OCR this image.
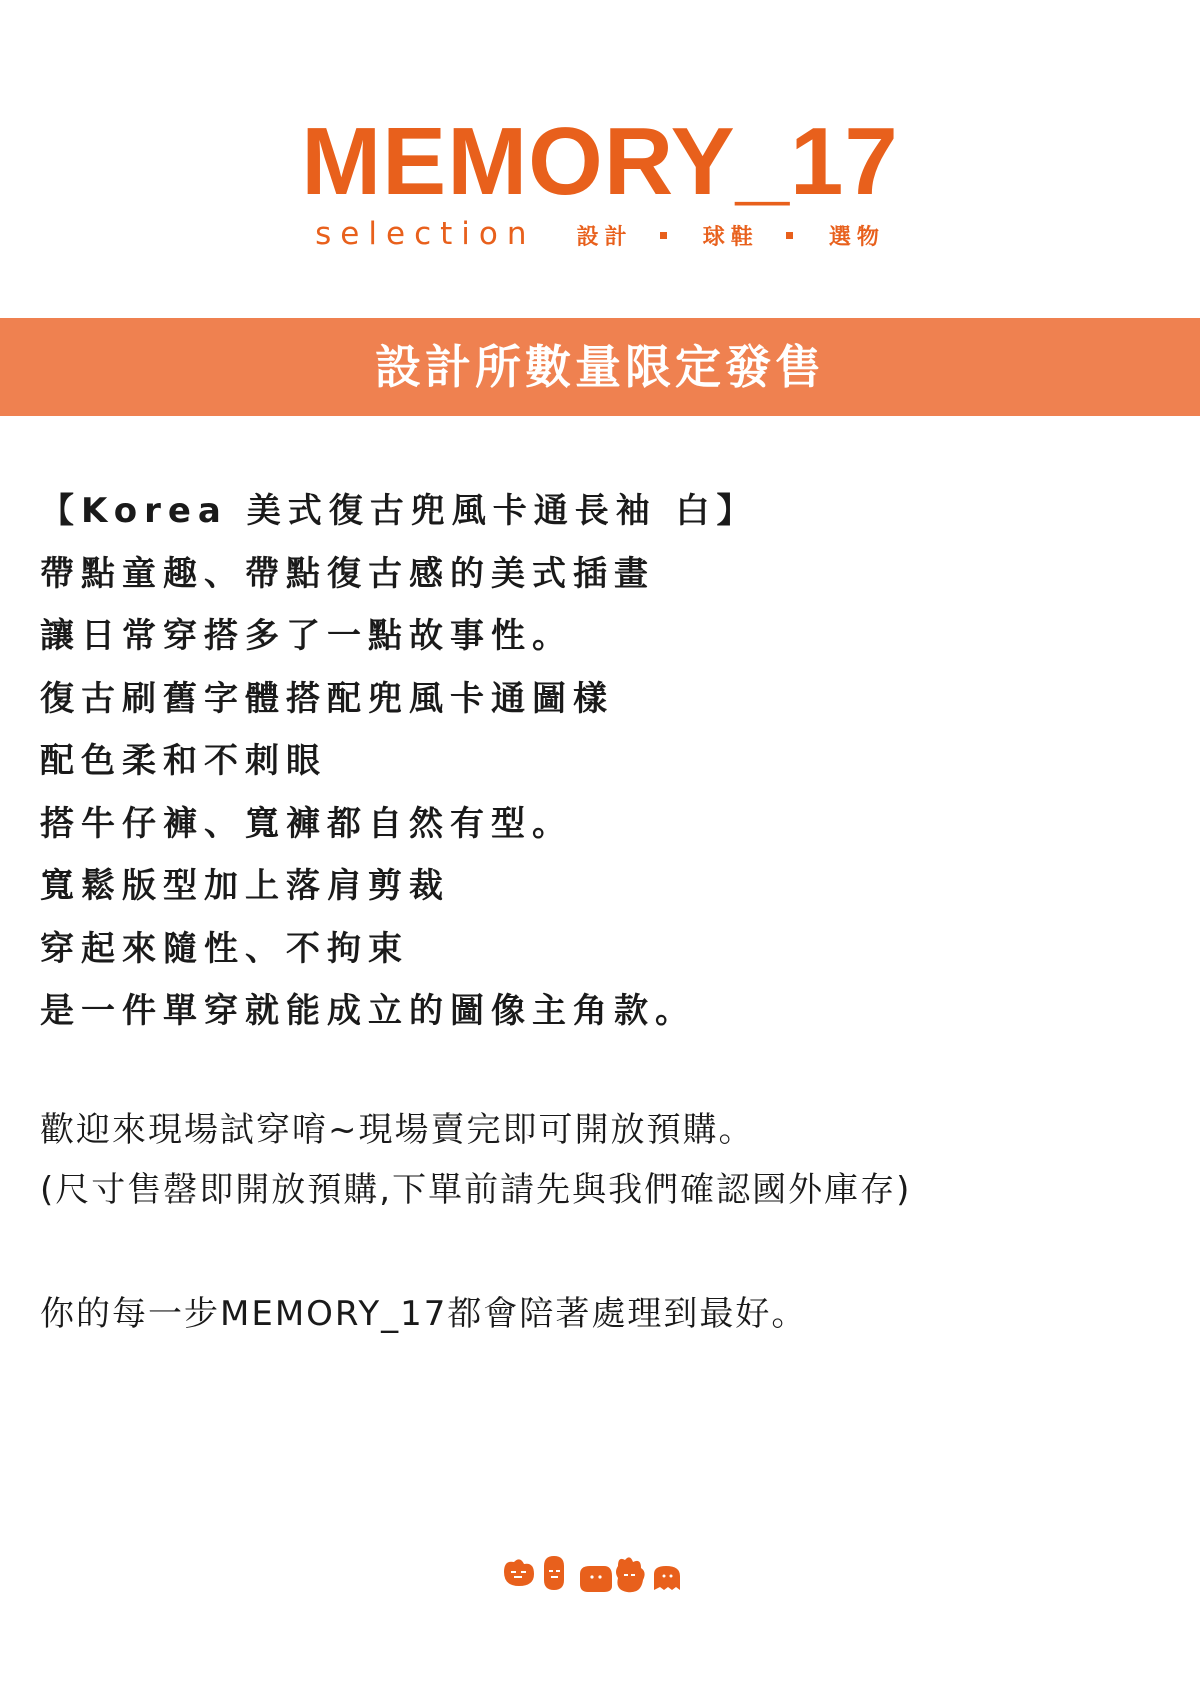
MEMORY_17
selection 設計	球鞋	選物
設計所數量限定發售
【Korea 美式復古兜風卡通長袖 白】
帶點童趣、帶點復古感的美式插畫
讓日常穿搭多了一點故事性。
復古刷舊字體搭配兜風卡通圖樣
配色柔和不刺眼
搭牛仔褲、寬褲都自然有型。
寬鬆版型加上落肩剪裁
穿起來隨性、不拘束
是一件單穿就能成立的圖像主角款。
歡迎來現場試穿唷~現場賣完即可開放預購。
(尺寸售罄即開放預購,下單前請先與我們確認國外庫存)
你的每一步MEMORY_17都會陪著處理到最好。
